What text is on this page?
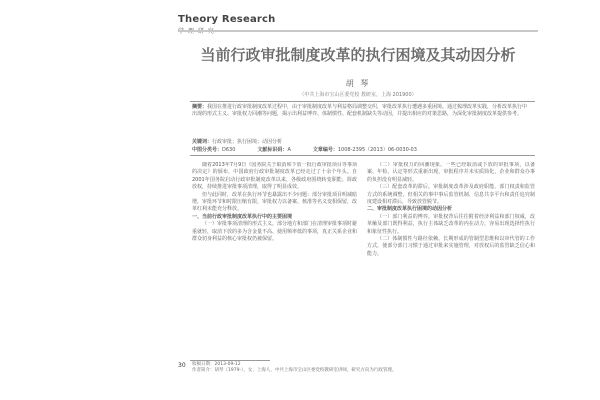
Theory Research
当前行政审批制度改革的执行困境及其动因分析
胡 琴
（中共上海市宝山区委党校 教研室，上海 201900）
摘要：我国在推进行政审批制度改革过程中，由于审批制度改革与利益格局调整交织，审批改革执行遭遇多重困境。通过梳理改革实践，分析改革执行中出现的形式主义、审批权力回潮等问题，揭示出利益博弈、体制惯性、配套机制缺失等动因，并提出相应的对策思路，为深化审批制度改革提供参考。
关键词：行政审批；执行困境；动因分析
中图分类号：D630	文献标识码：A	文章编号：1008-2395（2013）06-0030-03

随着2013年7月9日《国务院关于取消和下放一批行政审批项目等事项的决定》的颁布，中国政府行政审批制度改革已经走过了十余个年头。自2001年国务院启动行政审批制度改革以来，各级政府围绕转变职能、简政放权，持续推进审批事项清理，取得了明显成效。

但与此同时，改革在执行环节也暴露出不少问题：部分审批项目明减暗增，审批环节和时限压缩有限，审批权力以备案、核准等名义变相保留，改革红利未能充分释放。

一、当前行政审批制度改革执行中的主要困境

（一）审批事项清理的形式主义。部分地方和部门在清理审批事项时避重就轻，取消下放的多为含金量不高、使用频率低的事项，真正关系企业和群众切身利益的核心审批权仍被保留。

（二）审批权力的回潮现象。一些已经取消或下放的审批事项，以备案、年检、认定等形式重新出现，审批程序并未实质简化，企业和群众办事的负担没有明显减轻。

（三）配套改革的滞后。审批制度改革涉及政府职能、部门权责和监管方式的系统调整，但相关的事中事后监管机制、信息共享平台和责任追究制度建设相对滞后，导致放管脱节。

二、审批制度改革执行困境的动因分析

（一）部门利益的博弈。审批权背后往往附着经济利益和部门权威，改革触及部门既得利益，执行主体缺乏改革的内在动力，容易出现选择性执行和象征性执行。

（二）体制惯性与路径依赖。长期形成的管制型思维和以审代管的工作方式，使部分部门习惯于通过审批来实施管理，对放权后的监管缺乏信心和能力。

30 收稿日期：2013-09-12
作者简介：胡琴（1979-），女，上海人，中共上海市宝山区委党校教研室讲师，研究方向为行政管理。
